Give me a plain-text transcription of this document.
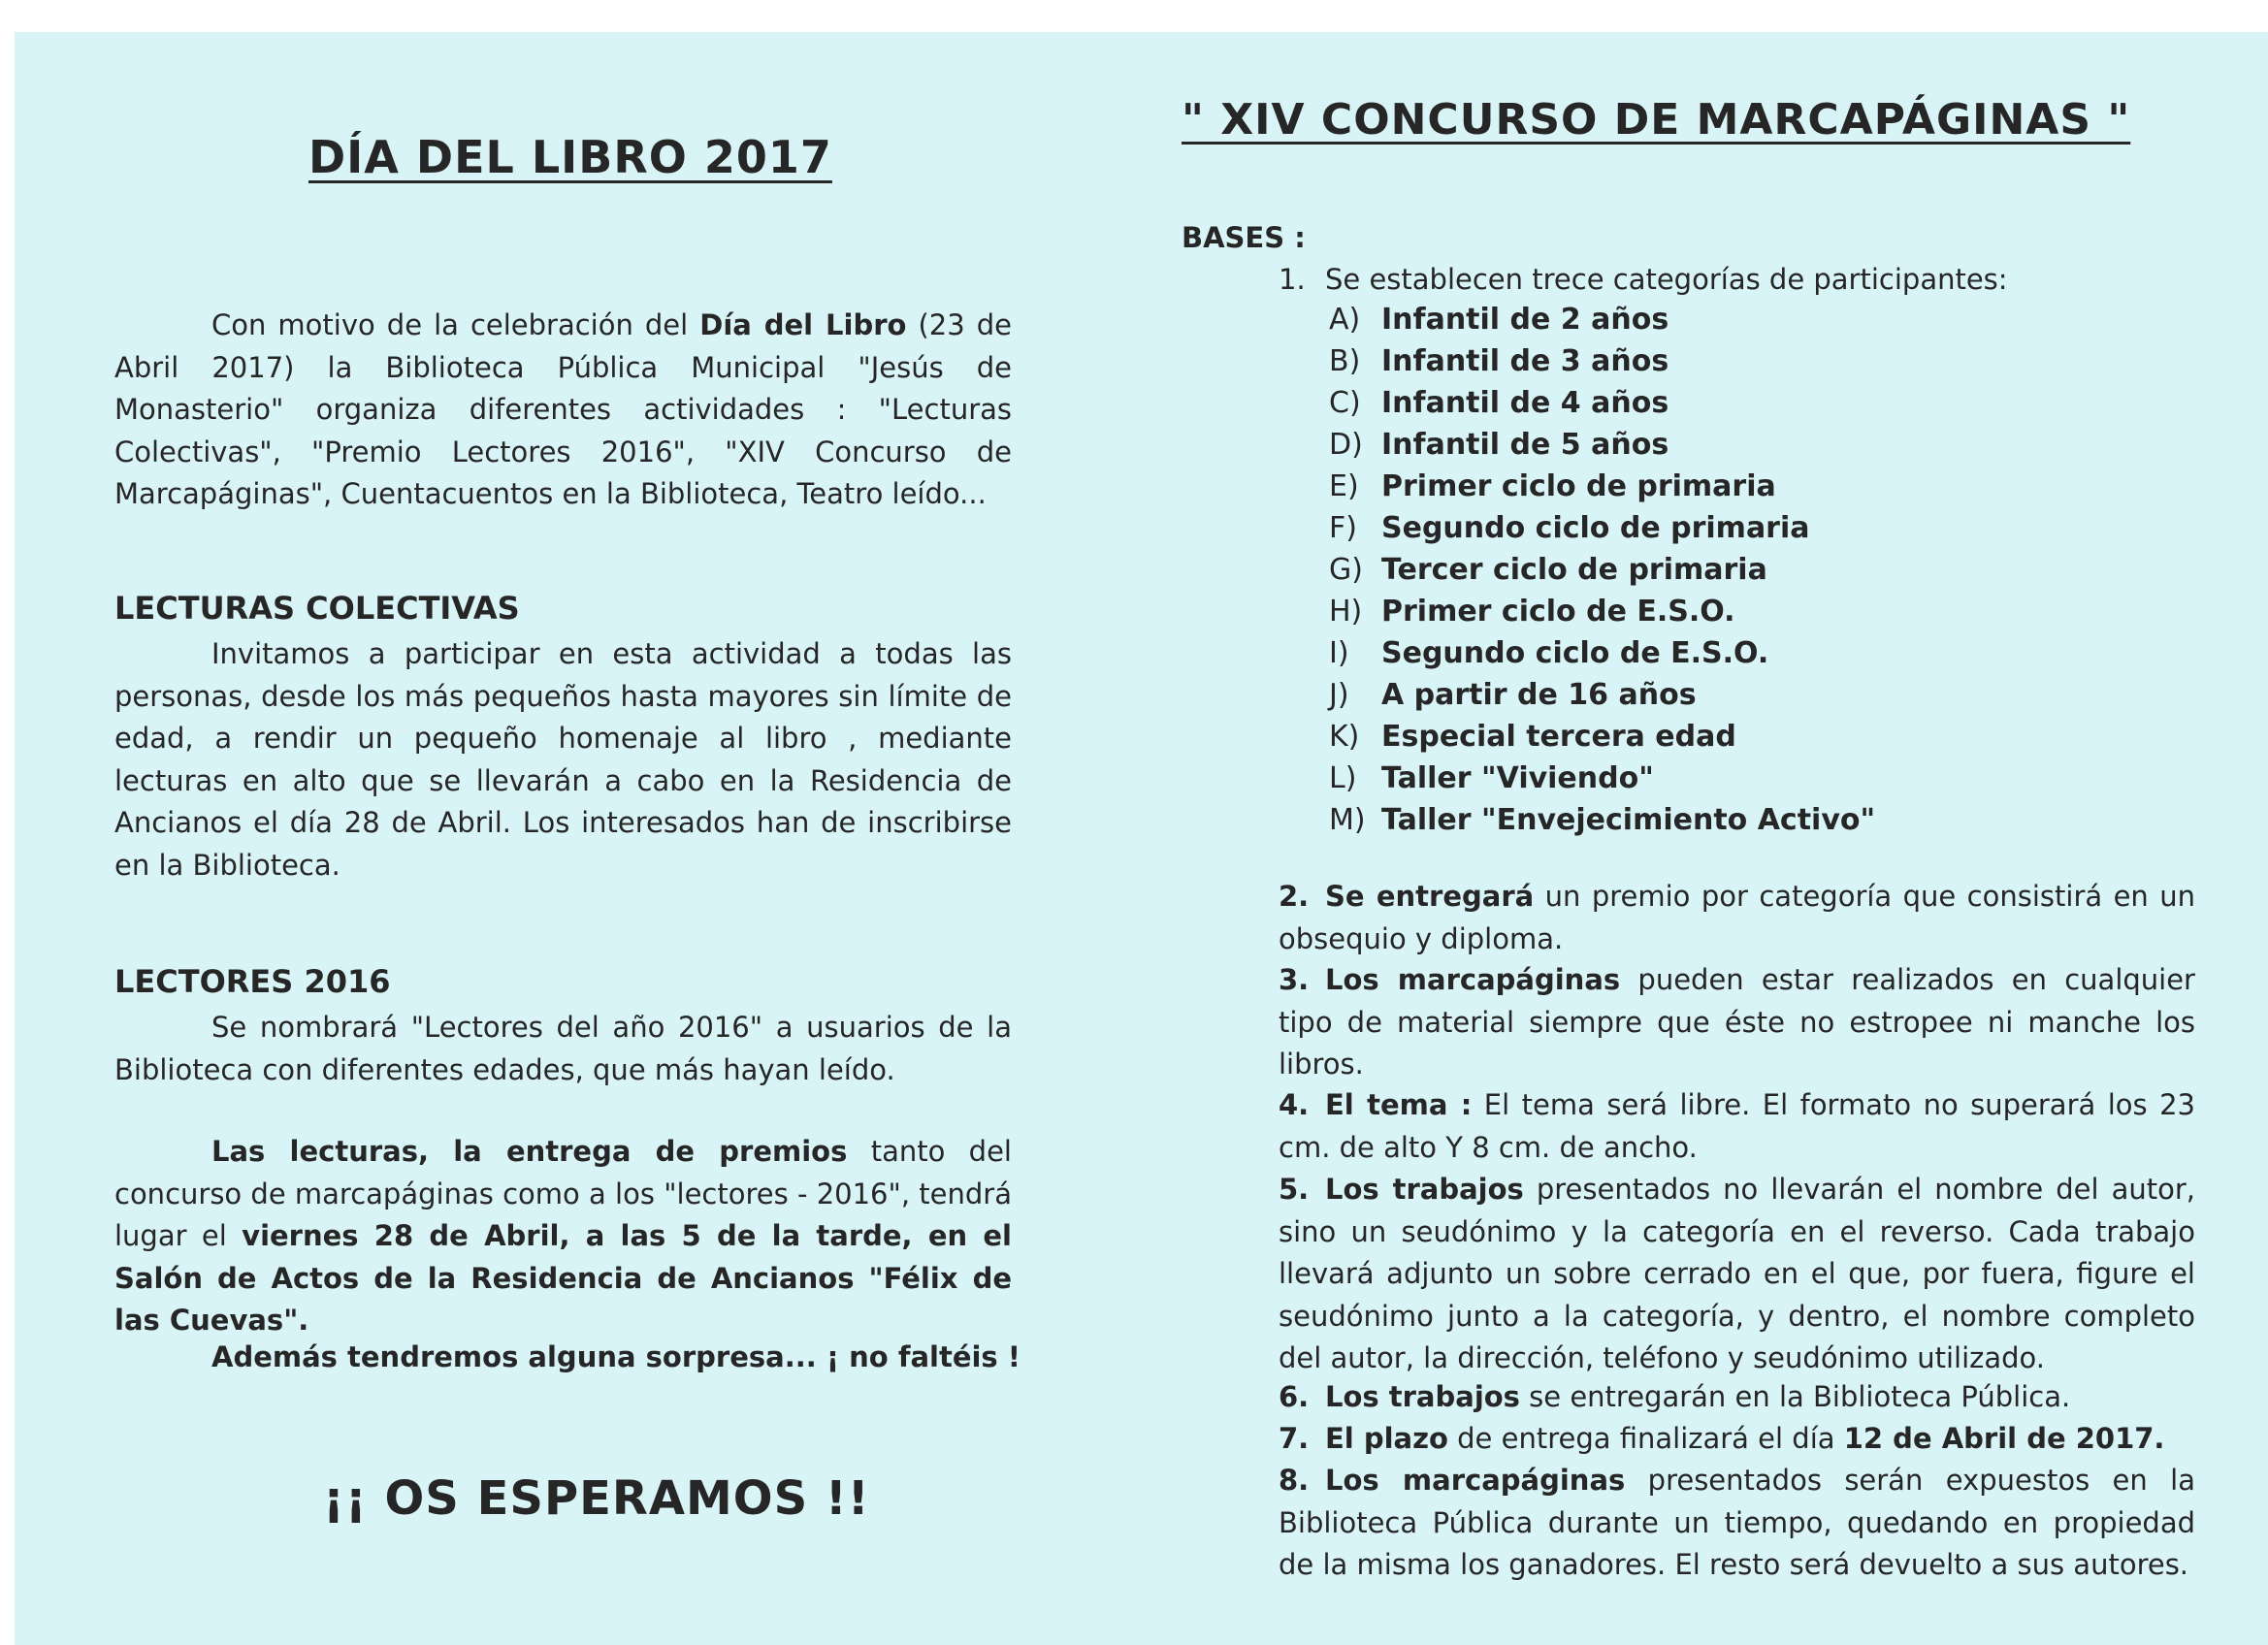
DÍA DEL LIBRO 2017
Con motivo de la celebración del Día del Libro (23 de Abril 2017) la Biblioteca Pública Municipal "Jesús de Monasterio" organiza diferentes actividades : "Lecturas Colectivas", "Premio Lectores 2016", "XIV Concurso de Marcapáginas", Cuentacuentos en la Biblioteca, Teatro leído...
LECTURAS COLECTIVAS
Invitamos a participar en esta actividad a todas las personas, desde los más pequeños hasta mayores sin límite de edad, a rendir un pequeño homenaje al libro , mediante lecturas en alto que se llevarán a cabo en la Residencia de Ancianos el día 28 de Abril. Los interesados han de inscribirse en la Biblioteca.
LECTORES 2016
Se nombrará "Lectores del año 2016" a usuarios de la Biblioteca con diferentes edades, que más hayan leído.
Las lecturas, la entrega de premios tanto del concurso de marcapáginas como a los "lectores - 2016", tendrá lugar el viernes 28 de Abril, a las 5 de la tarde, en el Salón de Actos de la Residencia de Ancianos "Félix de las Cuevas".
Además tendremos alguna sorpresa... ¡ no faltéis !
¡¡ OS ESPERAMOS !!
" XIV CONCURSO DE MARCAPÁGINAS "
BASES :
1. Se establecen trece categorías de participantes:
A) Infantil de 2 años
B) Infantil de 3 años
C) Infantil de 4 años
D) Infantil de 5 años
E) Primer ciclo de primaria
F) Segundo ciclo de primaria
G) Tercer ciclo de primaria
H) Primer ciclo de E.S.O.
I) Segundo ciclo de E.S.O.
J) A partir de 16 años
K) Especial tercera edad
L) Taller "Viviendo"
M) Taller "Envejecimiento Activo"
2. Se entregará un premio por categoría que consistirá en un obsequio y diploma.
3. Los marcapáginas pueden estar realizados en cualquier tipo de material siempre que éste no estropee ni manche los libros.
4. El tema : El tema será libre. El formato no superará los 23 cm. de alto Y 8 cm. de ancho.
5. Los trabajos presentados no llevarán el nombre del autor, sino un seudónimo y la categoría en el reverso. Cada trabajo llevará adjunto un sobre cerrado en el que, por fuera, figure el seudónimo junto a la categoría, y dentro, el nombre completo del autor, la dirección, teléfono y seudónimo utilizado.
6. Los trabajos se entregarán en la Biblioteca Pública.
7. El plazo de entrega finalizará el día 12 de Abril de 2017.
8. Los marcapáginas presentados serán expuestos en la Biblioteca Pública durante un tiempo, quedando en propiedad de la misma los ganadores. El resto será devuelto a sus autores.
